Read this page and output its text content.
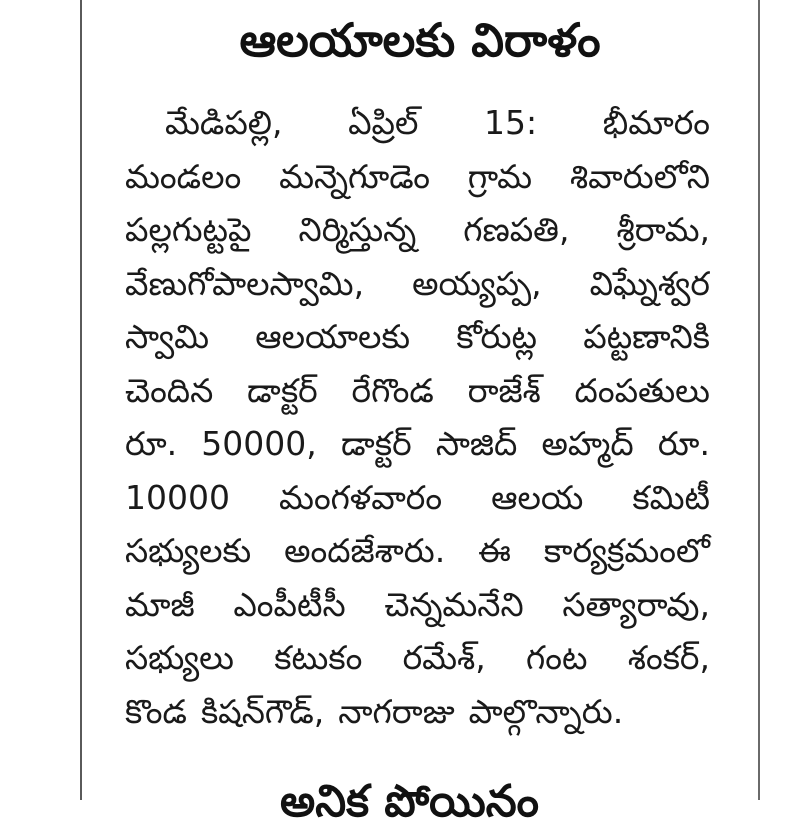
ఆలయాలకు విరాళం
మేడిపల్లి, ఏప్రిల్ 15: భీమారం
మండలం మన్నెగూడెం గ్రామ శివారులోని
పల్లగుట్టపై నిర్మిస్తున్న గణపతి, శ్రీరామ,
వేణుగోపాలస్వామి, అయ్యప్ప, విఘ్నేశ్వర
స్వామి ఆలయాలకు కోరుట్ల పట్టణానికి
చెందిన డాక్టర్ రేగొండ రాజేశ్ దంపతులు
రూ. 50000, డాక్టర్ సాజిద్ అహ్మద్ రూ.
10000 మంగళవారం ఆలయ కమిటీ
సభ్యులకు అందజేశారు. ఈ కార్యక్రమంలో
మాజీ ఎంపీటీసీ చెన్నమనేని సత్యారావు,
సభ్యులు కటుకం రమేశ్, గంట శంకర్,
కొండ కిషన్‌గౌడ్, నాగరాజు పాల్గొన్నారు.
అనిక పోయినం
